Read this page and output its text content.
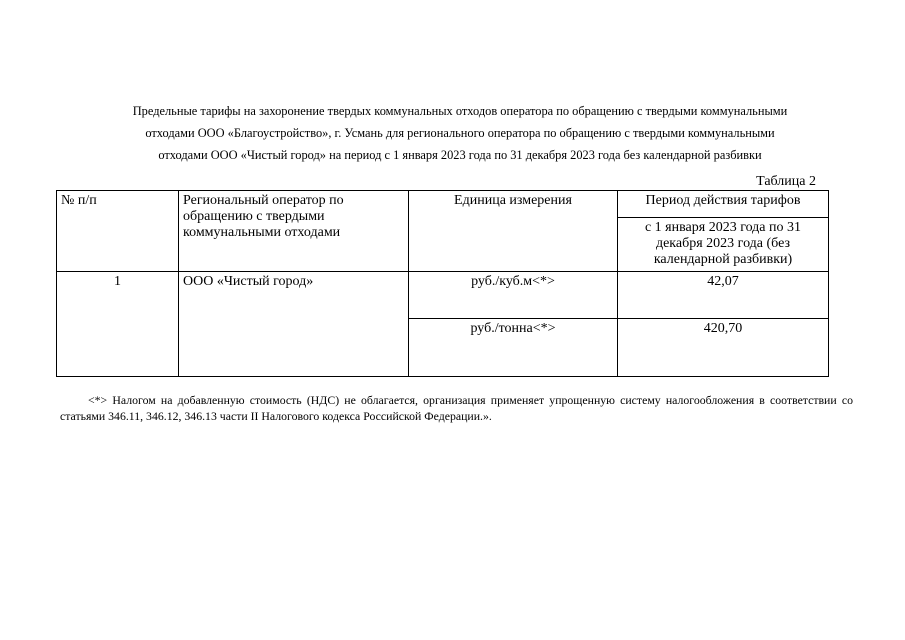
Предельные тарифы на захоронение твердых коммунальных отходов оператора по обращению с твердыми коммунальными
отходами ООО «Благоустройство», г. Усмань для регионального оператора по обращению с твердыми коммунальными
отходами ООО «Чистый город» на период с 1 января 2023 года по 31 декабря 2023 года без календарной разбивки
Таблица 2
№ п/п	Региональный оператор по обращению с твердыми коммунальными отходами	Единица измерения	Период действия тарифов
			с 1 января 2023 года по 31 декабря 2023 года (без календарной разбивки)
1	ООО «Чистый город»	руб./куб.м<*>	42,07
		руб./тонна<*>	420,70
<*> Налогом на добавленную стоимость (НДС) не облагается, организация применяет упрощенную систему налогообложения в соответствии со статьями 346.11, 346.12, 346.13 части II Налогового кодекса Российской Федерации.».
